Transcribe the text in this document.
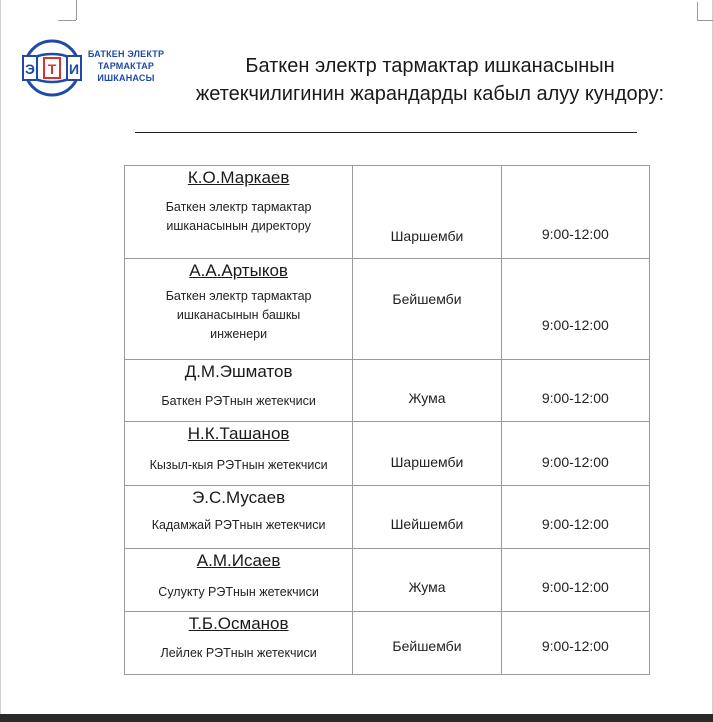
Э Т И
БАТКЕН ЭЛЕКТР
ТАРМАКТАР
ИШКАНАСЫ
Баткен электр тармактар ишканасынын
жетекчилигинин жарандарды кабыл алуу кундору:
К.О.Маркаев
Баткен электр тармактар
ишканасынын директору	Шаршемби	9:00-12:00

А.А.Артыков
Баткен электр тармактар
ишканасынын башкы
инженери	Бейшемби	9:00-12:00

Д.М.Эшматов
Баткен РЭТнын жетекчиси	Жума	9:00-12:00

Н.К.Ташанов
Кызыл-кыя РЭТнын жетекчиси	Шаршемби	9:00-12:00

Э.С.Мусаев
Кадамжай РЭТнын жетекчиси	Шейшемби	9:00-12:00

А.М.Исаев
Сулукту РЭТнын жетекчиси	Жума	9:00-12:00

Т.Б.Османов
Лейлек РЭТнын жетекчиси	Бейшемби	9:00-12:00
